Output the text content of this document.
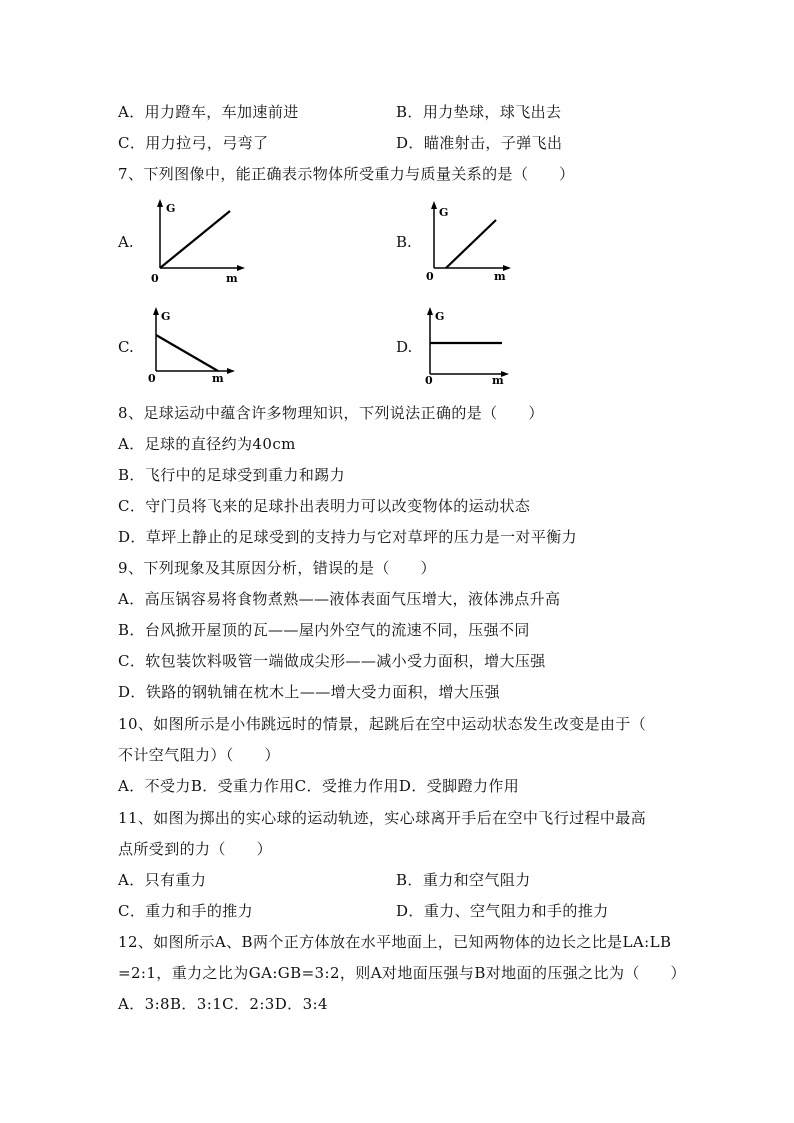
A．用力蹬车，车加速前进	B．用力垫球，球飞出去
C．用力拉弓，弓弯了	D．瞄准射击，子弹飞出
7、下列图像中，能正确表示物体所受重力与质量关系的是（　　）
A.
G
m
0
B.
G
m
0
C.
G
m
0
D.
G
m
0
8、足球运动中蕴含许多物理知识，下列说法正确的是（　　）
A．足球的直径约为40cm
B．飞行中的足球受到重力和踢力
C．守门员将飞来的足球扑出表明力可以改变物体的运动状态
D．草坪上静止的足球受到的支持力与它对草坪的压力是一对平衡力
9、下列现象及其原因分析，错误的是（　　）
A．高压锅容易将食物煮熟——液体表面气压增大，液体沸点升高
B．台风掀开屋顶的瓦——屋内外空气的流速不同，压强不同
C．软包装饮料吸管一端做成尖形——减小受力面积，增大压强
D．铁路的钢轨铺在枕木上——增大受力面积，增大压强
10、如图所示是小伟跳远时的情景，起跳后在空中运动状态发生改变是由于（
不计空气阻力）（　　）
A．不受力B．受重力作用C．受推力作用D．受脚蹬力作用
11、如图为掷出的实心球的运动轨迹，实心球离开手后在空中飞行过程中最高
点所受到的力（　　）
A．只有重力	B．重力和空气阻力
C．重力和手的推力	D．重力、空气阻力和手的推力
12、如图所示A、B两个正方体放在水平地面上，已知两物体的边长之比是LA:LB
=2:1，重力之比为GA:GB=3:2，则A对地面压强与B对地面的压强之比为（　　）
A．3:8B．3:1C．2:3D．3:4
